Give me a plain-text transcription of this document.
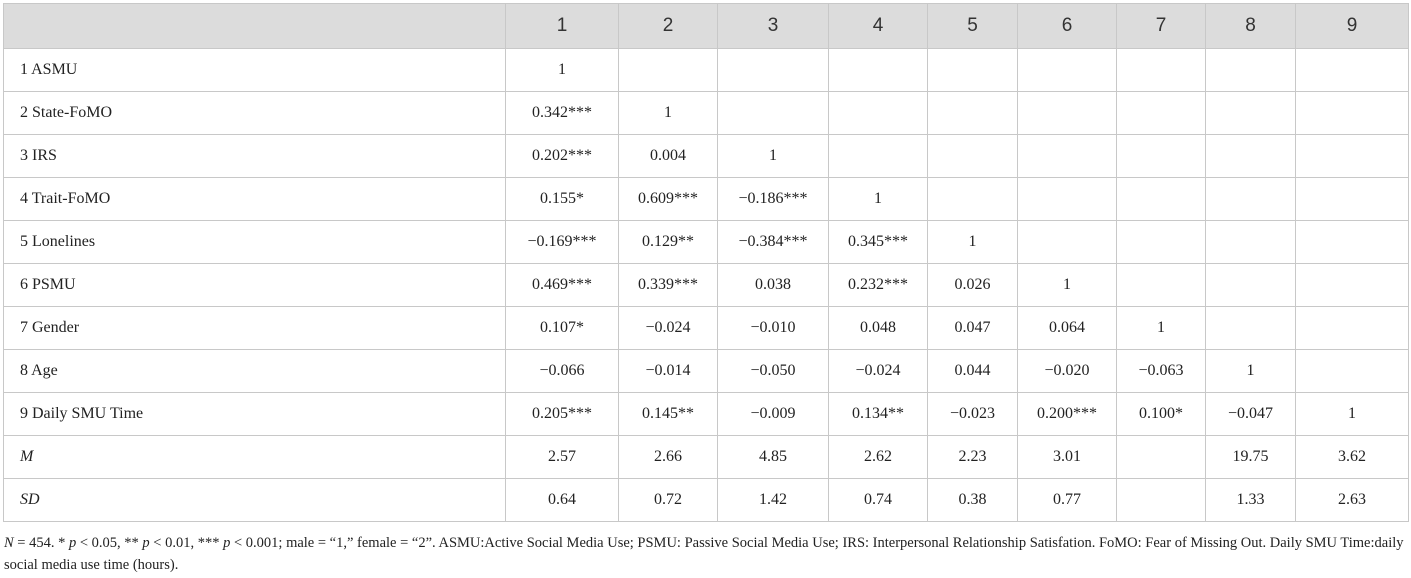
	1	2	3	4	5	6	7	8	9
1 ASMU	1								
2 State-FoMO	0.342***	1							
3 IRS	0.202***	0.004	1						
4 Trait-FoMO	0.155*	0.609***	−0.186***	1					
5 Lonelines	−0.169***	0.129**	−0.384***	0.345***	1				
6 PSMU	0.469***	0.339***	0.038	0.232***	0.026	1			
7 Gender	0.107*	−0.024	−0.010	0.048	0.047	0.064	1		
8 Age	−0.066	−0.014	−0.050	−0.024	0.044	−0.020	−0.063	1	
9 Daily SMU Time	0.205***	0.145**	−0.009	0.134**	−0.023	0.200***	0.100*	−0.047	1
M	2.57	2.66	4.85	2.62	2.23	3.01		19.75	3.62
SD	0.64	0.72	1.42	0.74	0.38	0.77		1.33	2.63
N = 454. * p < 0.05, ** p < 0.01, *** p < 0.001; male = “1,” female = “2”. ASMU:Active Social Media Use; PSMU: Passive Social Media Use; IRS: Interpersonal Relationship Satisfation. FoMO: Fear of Missing Out. Daily SMU Time:daily social media use time (hours).
